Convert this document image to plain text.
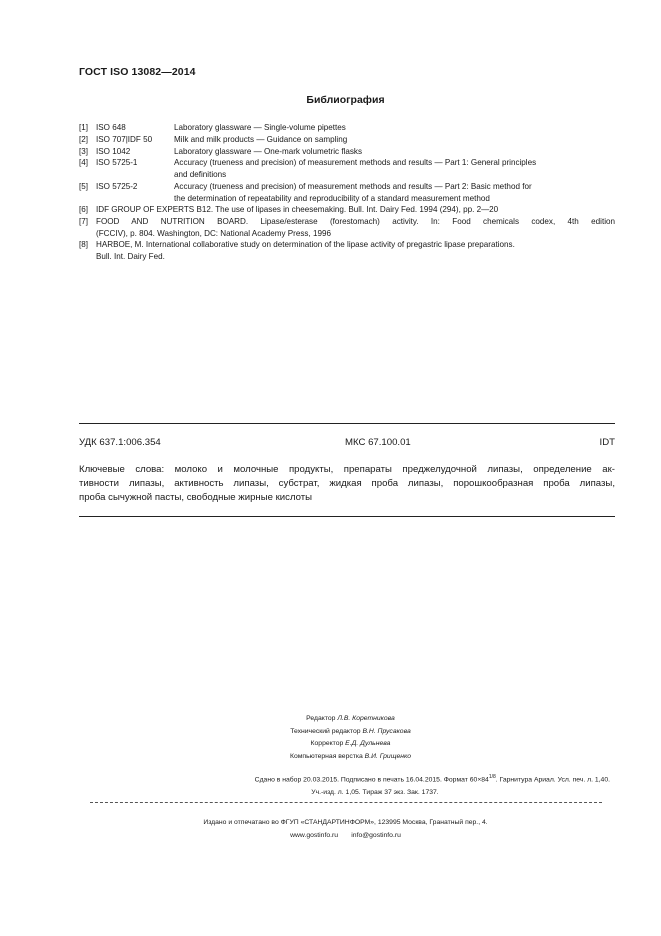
ГОСТ ISO 13082—2014
Библиография
[1] ISO 648	Laboratory glassware — Single-volume pipettes
[2] ISO 707|IDF 50	Milk and milk products — Guidance on sampling
[3] ISO 1042	Laboratory glassware — One-mark volumetric flasks
[4] ISO 5725-1	Accuracy (trueness and precision) of measurement methods and results — Part 1: General principles
and definitions
[5] ISO 5725-2	Accuracy (trueness and precision) of measurement methods and results — Part 2: Basic method for
the determination of repeatability and reproducibility of a standard measurement method
[6] IDF GROUP OF EXPERTS B12. The use of lipases in cheesemaking. Bull. Int. Dairy Fed. 1994 (294), pp. 2—20
[7] FOOD AND NUTRITION BOARD. Lipase/esterase (forestomach) activity. In: Food chemicals codex, 4th edition
(FCCIV), p. 804. Washington, DC: National Academy Press, 1996
[8] HARBOE, M. International collaborative study on determination of the lipase activity of pregastric lipase preparations.
Bull. Int. Dairy Fed.
УДК 637.1:006.354	МКС 67.100.01	IDT
Ключевые слова: молоко и молочные продукты, препараты преджелудочной липазы, определение ак-
тивности липазы, активность липазы, субстрат, жидкая проба липазы, порошкообразная проба липазы,
проба сычужной пасты, свободные жирные кислоты
Редактор Л.В. Коретникова
Технический редактор В.Н. Прусакова
Корректор Е.Д. Дульнева
Компьютерная верстка В.И. Грищенко
Сдано в набор 20.03.2015. Подписано в печать 16.04.2015. Формат $60\times 84^{1/8}$. Гарнитура Ариал. Усл. печ. л. 1,40.
Уч.-изд. л. 1,05. Тираж 37 экз. Зак. 1737.
Издано и отпечатано во ФГУП «СТАНДАРТИНФОРМ», 123995 Москва, Гранатный пер., 4.
www.gostinfo.ru info@gostinfo.ru
